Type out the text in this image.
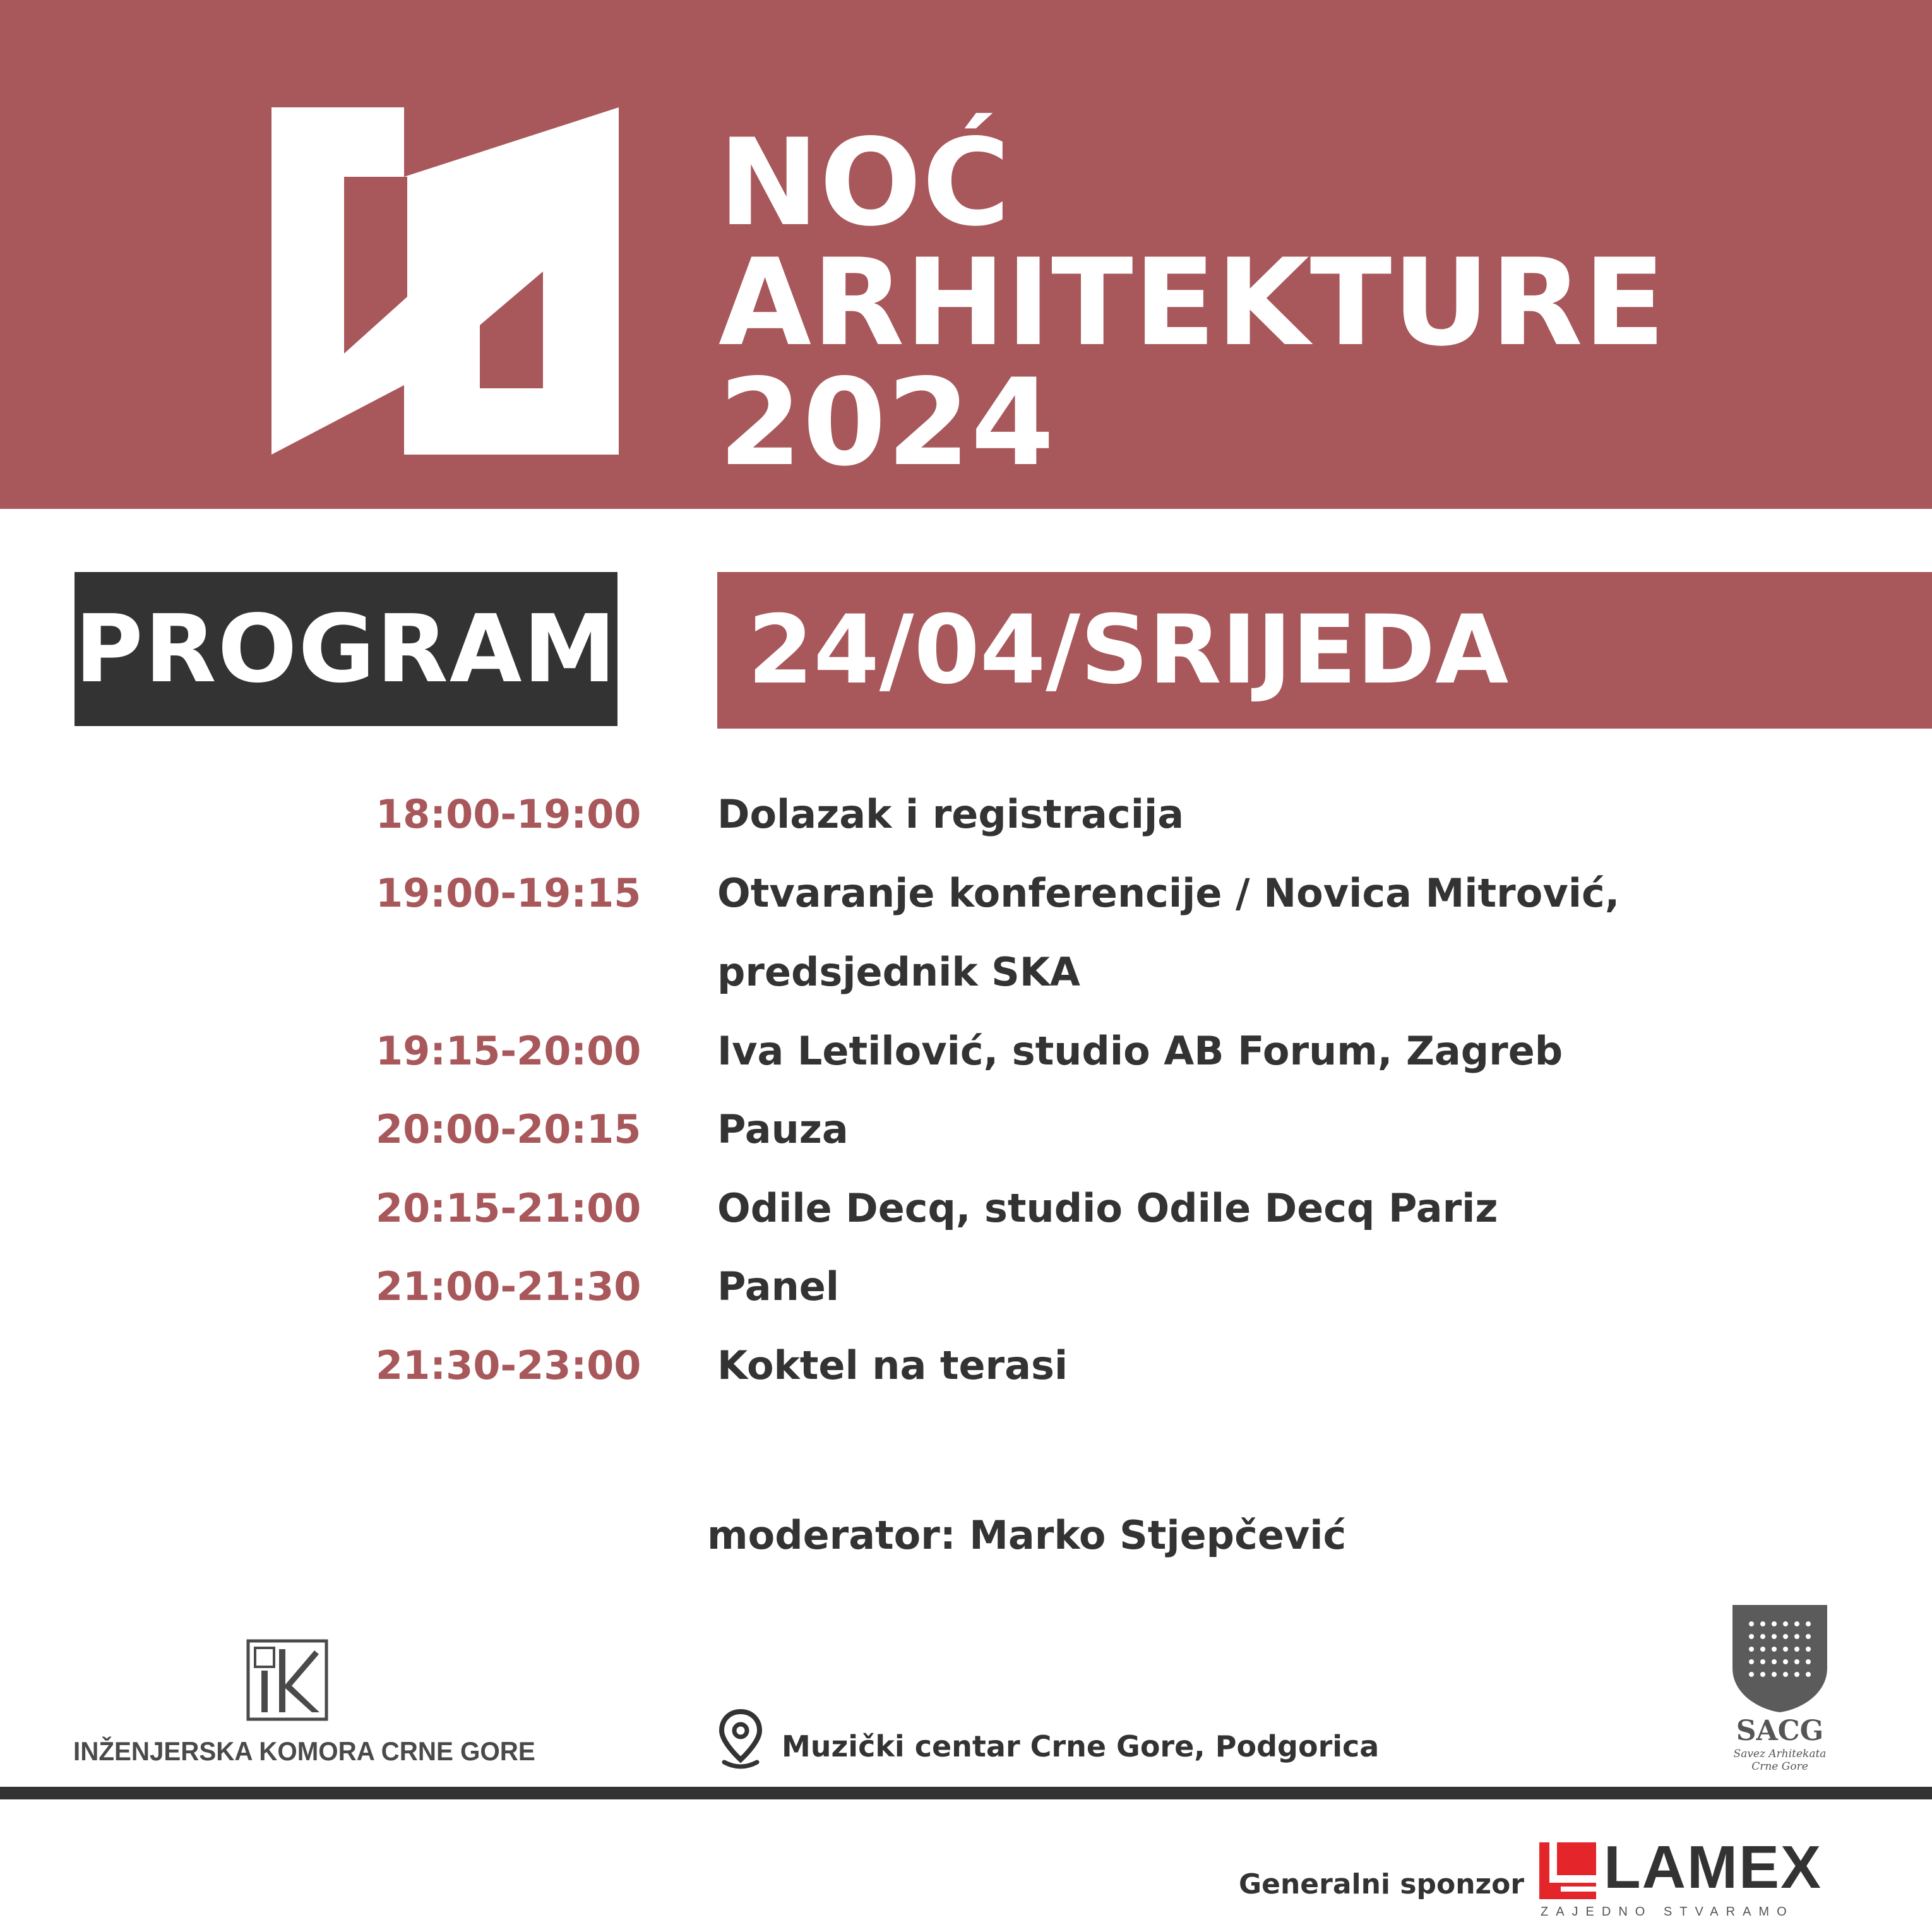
NOĆ
ARHITEKTURE
2024
PROGRAM	24/04/SRIJEDA
18:00-19:00 Dolazak i registracija
19:00-19:15 Otvaranje konferencije / Novica Mitrović,
predsjednik SKA
19:15-20:00 Iva Letilović, studio AB Forum, Zagreb
20:00-20:15 Pauza
20:15-21:00 Odile Decq, studio Odile Decq Pariz
21:00-21:30 Panel
21:30-23:00 Koktel na terasi
moderator: Marko Stjepčević
INŽENJERSKA KOMORA CRNE GORE	Muzički centar Crne Gore, Podgorica	SACG
Savez Arhitekata
Crne Gore
Generalni sponzor LAMEX
ZAJEDNO STVARAMO
